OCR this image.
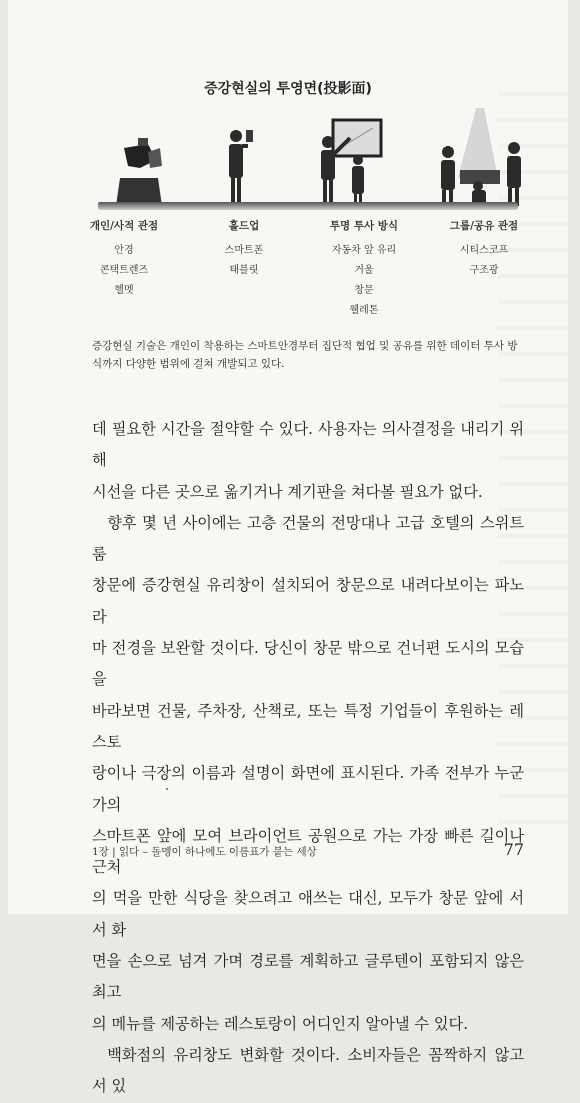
증강현실의 투영면(投影面)
개인/사적 관점
안경
콘택트렌즈
헬멧
홀드업
스마트폰
태블릿
투명 투사 방식
자동차 앞 유리
거울
창문
웰레톤
그룹/공유 관점
시티스코프
구조광
증강현실 기술은 개인이 착용하는 스마트안경부터 집단적 협업 및 공유를 위한 데이터 투사 방식까지 다양한 범위에 걸쳐 개발되고 있다.

데 필요한 시간을 절약할 수 있다. 사용자는 의사결정을 내리기 위해

시선을 다른 곳으로 옮기거나 계기판을 쳐다볼 필요가 없다.

향후 몇 년 사이에는 고층 건물의 전망대나 고급 호텔의 스위트룸

창문에 증강현실 유리창이 설치되어 창문으로 내려다보이는 파노라

마 전경을 보완할 것이다. 당신이 창문 밖으로 건너편 도시의 모습을

바라보면 건물, 주차장, 산책로, 또는 특정 기업들이 후원하는 레스토

랑이나 극장의 이름과 설명이 화면에 표시된다. 가족 전부가 누군가의

스마트폰 앞에 모여 브라이언트 공원으로 가는 가장 빠른 길이나 근처

의 먹을 만한 식당을 찾으려고 애쓰는 대신, 모두가 창문 앞에 서서 화

면을 손으로 넘겨 가며 경로를 계획하고 글루텐이 포함되지 않은 최고

의 메뉴를 제공하는 레스토랑이 어디인지 알아낼 수 있다.

백화점의 유리창도 변화할 것이다. 소비자들은 꼼짝하지 않고 서 있

1장 | 읽다 – 돌멩이 하나에도 이름표가 붙는 세상	77
